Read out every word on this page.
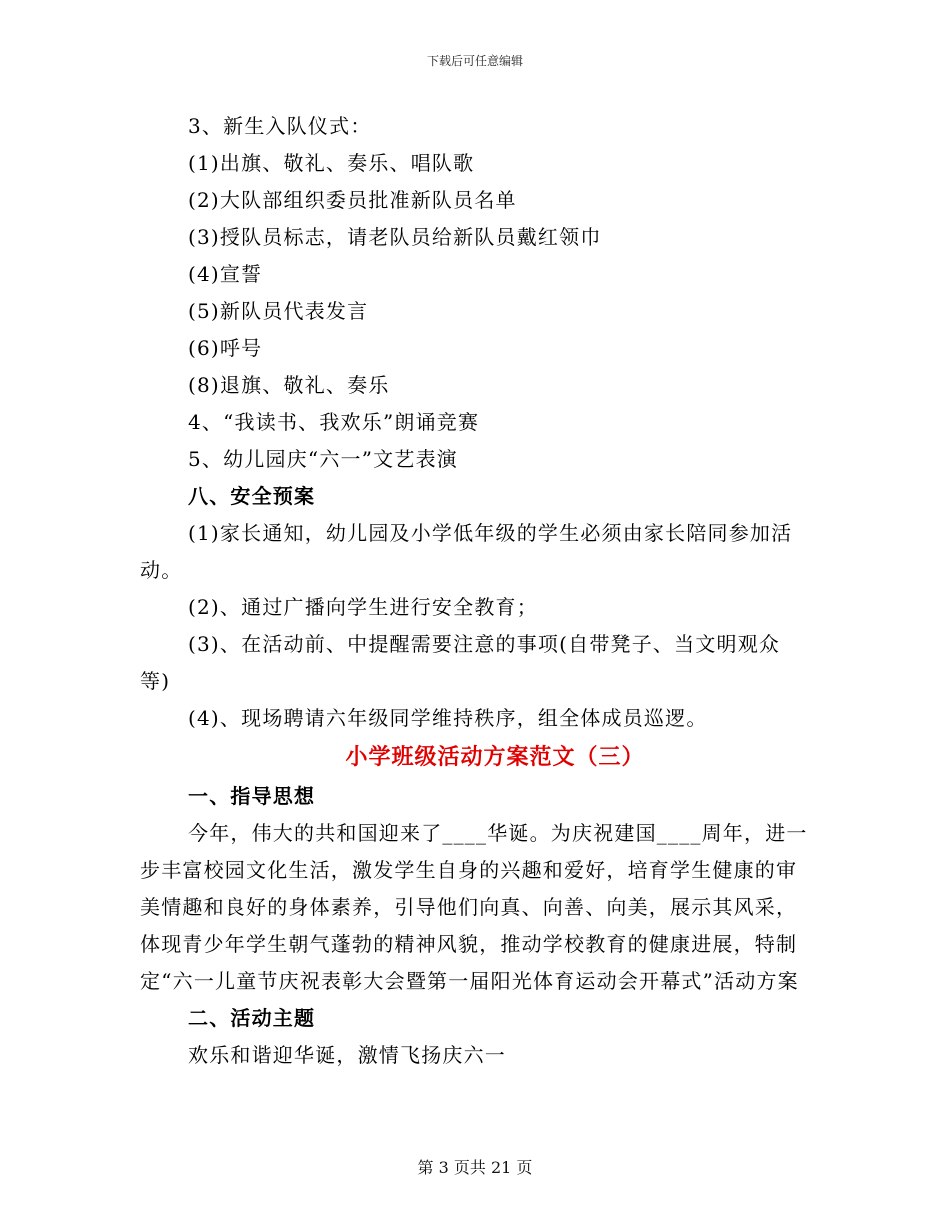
下载后可任意编辑
3、新生入队仪式：
(1)出旗、敬礼、奏乐、唱队歌
(2)大队部组织委员批准新队员名单
(3)授队员标志，请老队员给新队员戴红领巾
(4)宣誓
(5)新队员代表发言
(6)呼号
(8)退旗、敬礼、奏乐
4、“我读书、我欢乐”朗诵竞赛
5、幼儿园庆“六一”文艺表演
八、安全预案
(1)家长通知，幼儿园及小学低年级的学生必须由家长陪同参加活动。
(2)、通过广播向学生进行安全教育；
(3)、在活动前、中提醒需要注意的事项(自带凳子、当文明观众等)
(4)、现场聘请六年级同学维持秩序，组全体成员巡逻。
小学班级活动方案范文（三）
一、指导思想
今年，伟大的共和国迎来了____华诞。为庆祝建国____周年，进一步丰富校园文化生活，激发学生自身的兴趣和爱好，培育学生健康的审美情趣和良好的身体素养，引导他们向真、向善、向美，展示其风采，体现青少年学生朝气蓬勃的精神风貌，推动学校教育的健康进展，特制定“六一儿童节庆祝表彰大会暨第一届阳光体育运动会开幕式”活动方案
二、活动主题
欢乐和谐迎华诞，激情飞扬庆六一
第 3 页共 21 页
